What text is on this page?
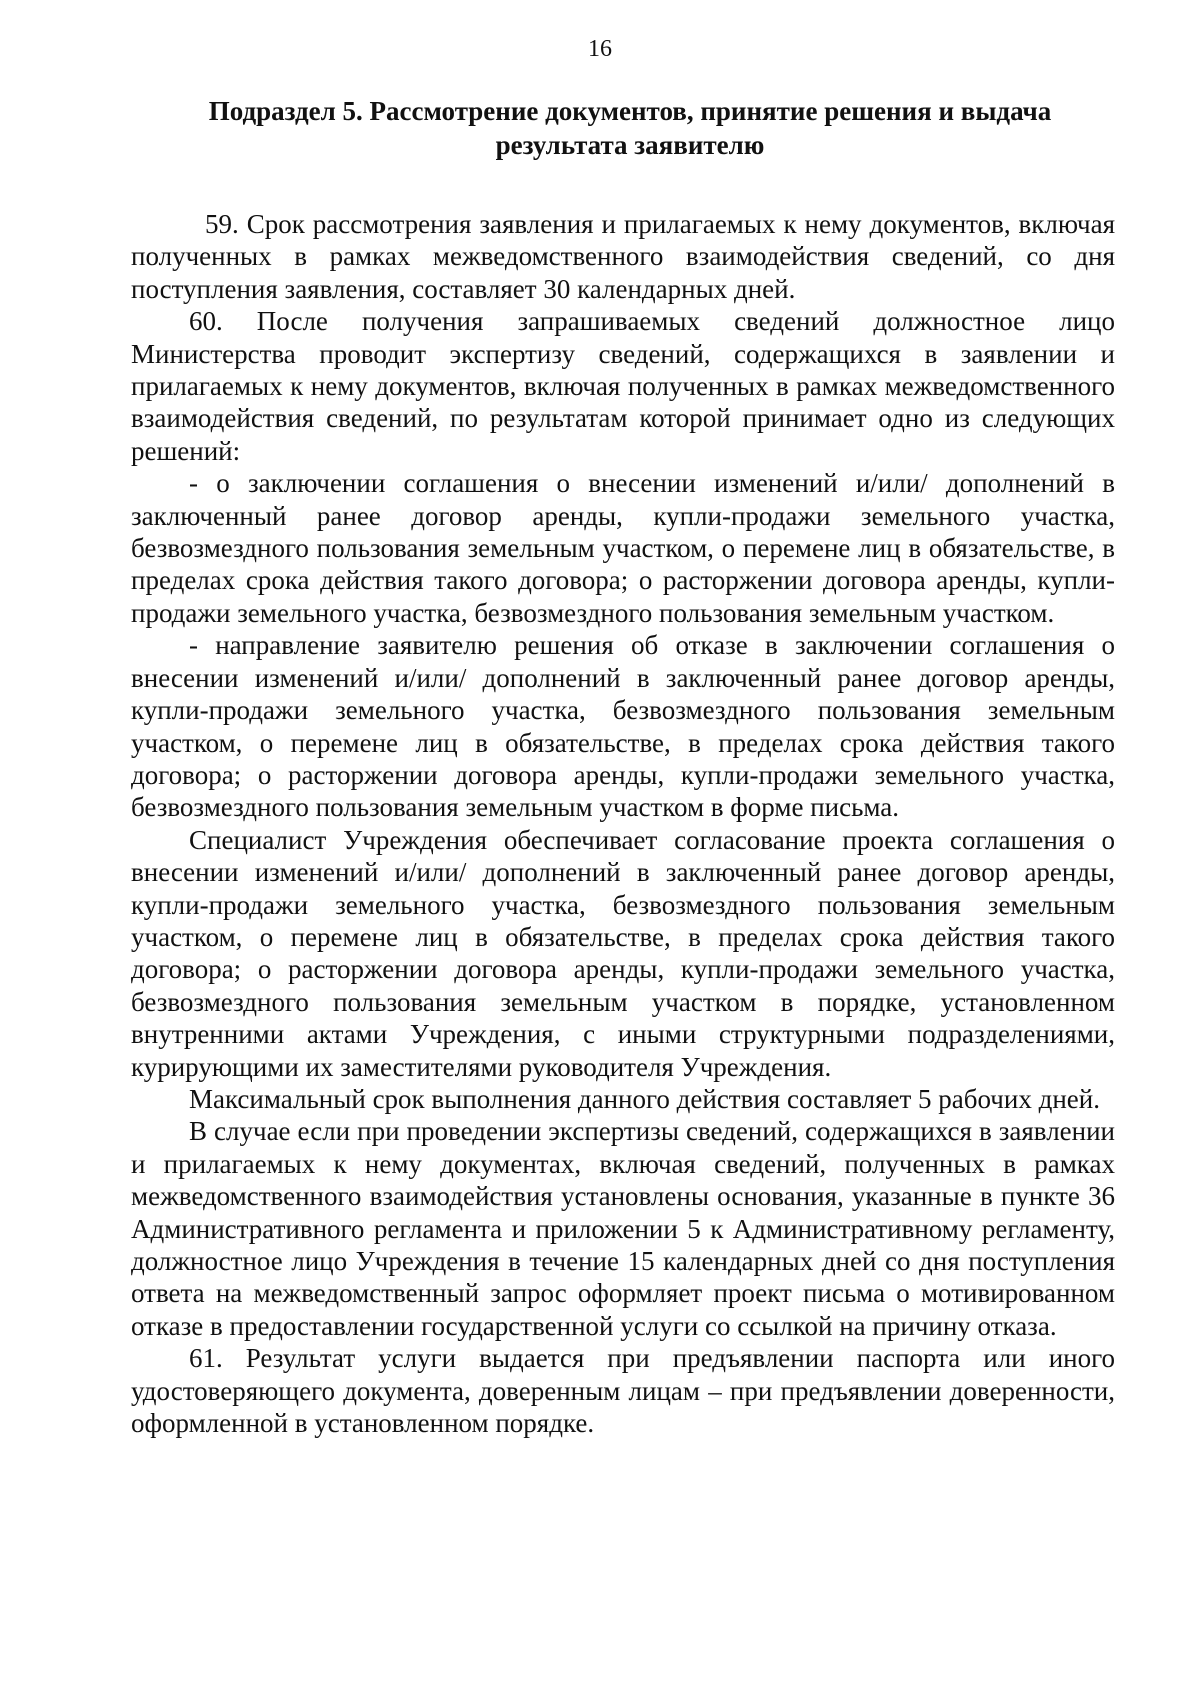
16
Подраздел 5. Рассмотрение документов, принятие решения и выдача результата заявителю

59. Срок рассмотрения заявления и прилагаемых к нему документов, включая полученных в рамках межведомственного взаимодействия сведений, со дня поступления заявления, составляет 30 календарных дней.

60. После получения запрашиваемых сведений должностное лицо Министерства проводит экспертизу сведений, содержащихся в заявлении и прилагаемых к нему документов, включая полученных в рамках межведомственного взаимодействия сведений, по результатам которой принимает одно из следующих решений:

- о заключении соглашения о внесении изменений и/или/ дополнений в заключенный ранее договор аренды, купли-продажи земельного участка, безвозмездного пользования земельным участком, о перемене лиц в обязательстве, в пределах срока действия такого договора; о расторжении договора аренды, купли-продажи земельного участка, безвозмездного пользования земельным участком.

- направление заявителю решения об отказе в заключении соглашения о внесении изменений и/или/ дополнений в заключенный ранее договор аренды, купли-продажи земельного участка, безвозмездного пользования земельным участком, о перемене лиц в обязательстве, в пределах срока действия такого договора; о расторжении договора аренды, купли-продажи земельного участка, безвозмездного пользования земельным участком в форме письма.

Специалист Учреждения обеспечивает согласование проекта соглашения о внесении изменений и/или/ дополнений в заключенный ранее договор аренды, купли-продажи земельного участка, безвозмездного пользования земельным участком, о перемене лиц в обязательстве, в пределах срока действия такого договора; о расторжении договора аренды, купли-продажи земельного участка, безвозмездного пользования земельным участком в порядке, установленном внутренними актами Учреждения, с иными структурными подразделениями, курирующими их заместителями руководителя Учреждения.

Максимальный срок выполнения данного действия составляет 5 рабочих дней.

В случае если при проведении экспертизы сведений, содержащихся в заявлении и прилагаемых к нему документах, включая сведений, полученных в рамках межведомственного взаимодействия установлены основания, указанные в пункте 36 Административного регламента и приложении 5 к Административному регламенту, должностное лицо Учреждения в течение 15 календарных дней со дня поступления ответа на межведомственный запрос оформляет проект письма о мотивированном отказе в предоставлении государственной услуги со ссылкой на причину отказа.

61. Результат услуги выдается при предъявлении паспорта или иного удостоверяющего документа, доверенным лицам – при предъявлении доверенности, оформленной в установленном порядке.
